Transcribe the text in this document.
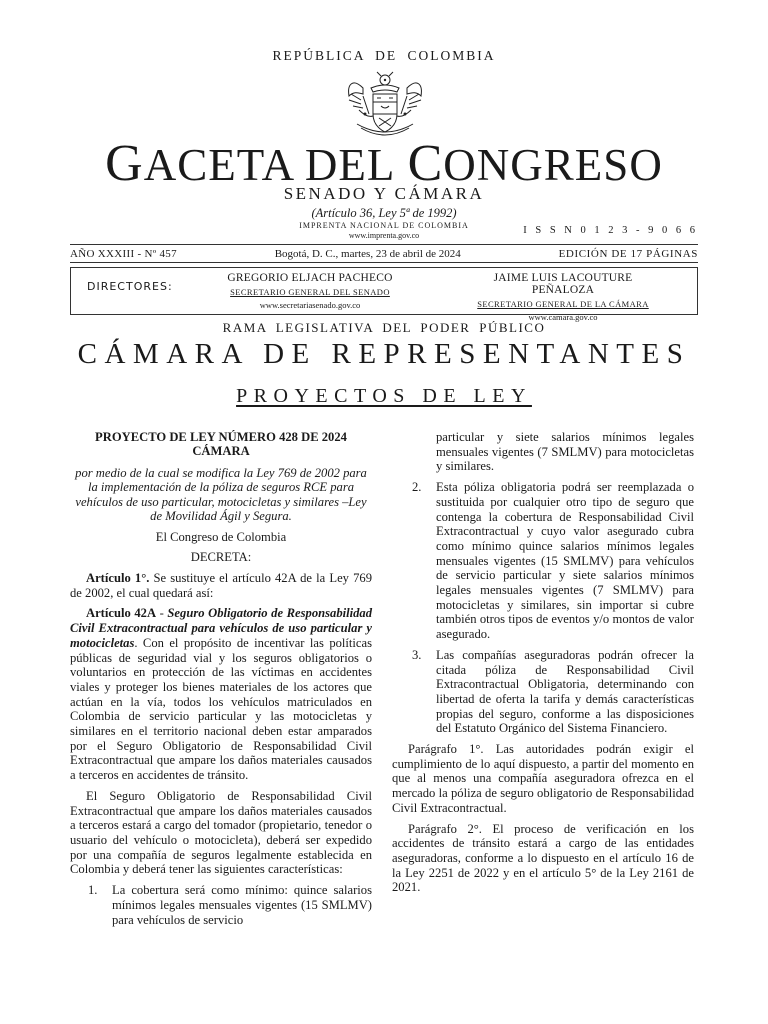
REPÚBLICA DE COLOMBIA
GACETA DEL CONGRESO
SENADO Y CÁMARA
(Artículo 36, Ley 5ª de 1992)
IMPRENTA NACIONAL DE COLOMBIA
www.imprenta.gov.co	I S S N 0 1 2 3 - 9 0 6 6
AÑO XXXIII - Nº 457	Bogotá, D. C., martes, 23 de abril de 2024	EDICIÓN DE 17 PÁGINAS
DIRECTORES:
GREGORIO ELJACH PACHECO
SECRETARIO GENERAL DEL SENADO
www.secretariasenado.gov.co
JAIME LUIS LACOUTURE PEÑALOZA
SECRETARIO GENERAL DE LA CÁMARA
www.camara.gov.co
RAMA LEGISLATIVA DEL PODER PÚBLICO
CÁMARA DE REPRESENTANTES
PROYECTOS DE LEY

PROYECTO DE LEY NÚMERO 428 DE 2024 CÁMARA

por medio de la cual se modifica la Ley 769 de 2002 para la implementación de la póliza de seguros RCE para vehículos de uso particular, motocicletas y similares –Ley de Movilidad Ágil y Segura.

El Congreso de Colombia

DECRETA:

Artículo 1°. Se sustituye el artículo 42A de la Ley 769 de 2002, el cual quedará así:

Artículo 42A - Seguro Obligatorio de Responsabilidad Civil Extracontractual para vehículos de uso particular y motocicletas. Con el propósito de incentivar las políticas públicas de seguridad vial y los seguros obligatorios o voluntarios en protección de las víctimas en accidentes viales y proteger los bienes materiales de los actores que actúan en la vía, todos los vehículos matriculados en Colombia de servicio particular y las motocicletas y similares en el territorio nacional deben estar amparados por el Seguro Obligatorio de Responsabilidad Civil Extracontractual que ampare los daños materiales causados a terceros en accidentes de tránsito.

El Seguro Obligatorio de Responsabilidad Civil Extracontractual que ampare los daños materiales causados a terceros estará a cargo del tomador (propietario, tenedor o usuario del vehículo o motocicleta), deberá ser expedido por una compañía de seguros legalmente establecida en Colombia y deberá tener las siguientes características:

1. La cobertura será como mínimo: quince salarios mínimos legales mensuales vigentes (15 SMLMV) para vehículos de servicio

particular y siete salarios mínimos legales mensuales vigentes (7 SMLMV) para motocicletas y similares.

2. Esta póliza obligatoria podrá ser reemplazada o sustituida por cualquier otro tipo de seguro que contenga la cobertura de Responsabilidad Civil Extracontractual y cuyo valor asegurado cubra como mínimo quince salarios mínimos legales mensuales vigentes (15 SMLMV) para vehículos de servicio particular y siete salarios mínimos legales mensuales vigentes (7 SMLMV) para motocicletas y similares, sin importar si cubre también otros tipos de eventos y/o montos de valor asegurado.

3. Las compañías aseguradoras podrán ofrecer la citada póliza de Responsabilidad Civil Extracontractual Obligatoria, determinando con libertad de oferta la tarifa y demás características propias del seguro, conforme a las disposiciones del Estatuto Orgánico del Sistema Financiero.

Parágrafo 1°. Las autoridades podrán exigir el cumplimiento de lo aquí dispuesto, a partir del momento en que al menos una compañía aseguradora ofrezca en el mercado la póliza de seguro obligatorio de Responsabilidad Civil Extracontractual.

Parágrafo 2°. El proceso de verificación en los accidentes de tránsito estará a cargo de las entidades aseguradoras, conforme a lo dispuesto en el artículo 16 de la Ley 2251 de 2022 y en el artículo 5° de la Ley 2161 de 2021.
